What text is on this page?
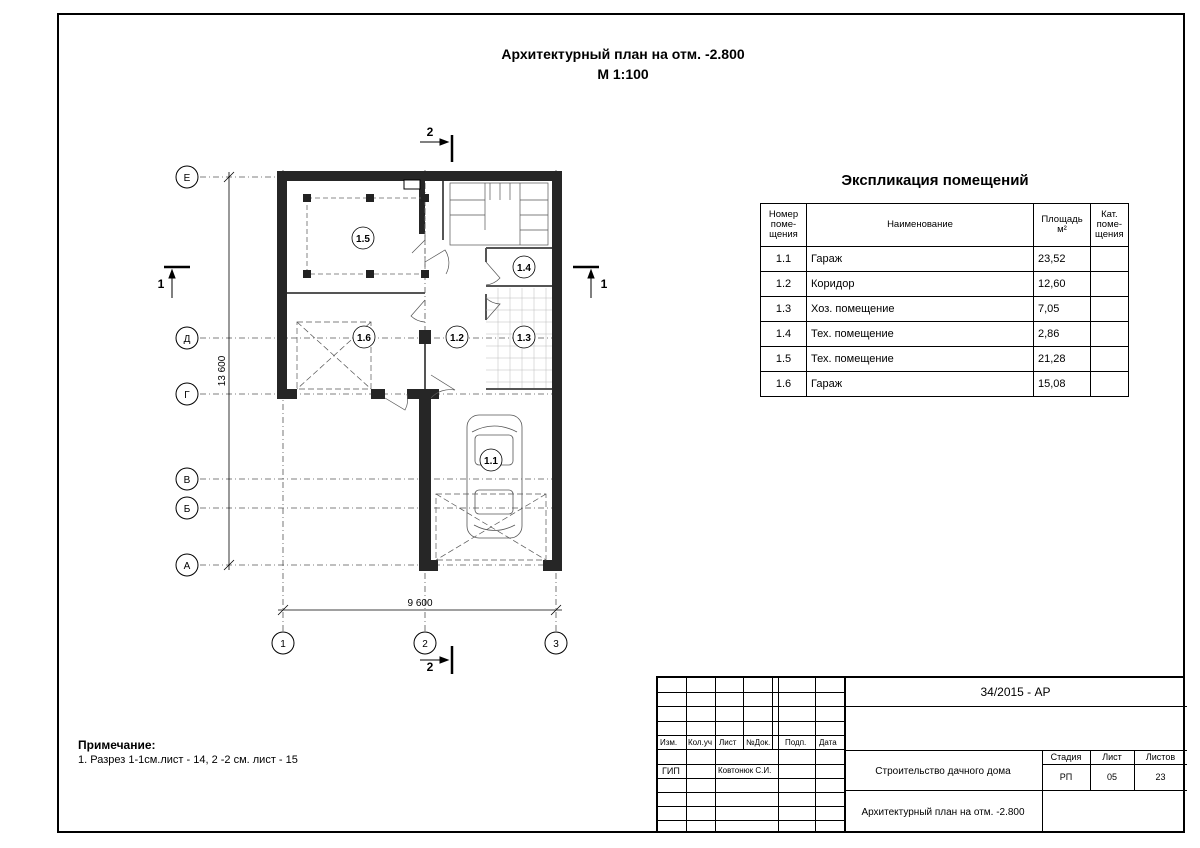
Архитектурный план на отм. -2.800
М 1:100
13 600
9 600
Е
Д
Г
В
Б
А
1	2	3
2
2
1	1
1.5
1.4
1.6	1.2	1.3
1.1
Экспликация помещений
Номер поме- щения	Наименование	Площадь м²	Кат. поме- щения
1.1	Гараж	23,52	
1.2	Коридор	12,60	
1.3	Хоз. помещение	7,05	
1.4	Тех. помещение	2,86	
1.5	Тех. помещение	21,28	
1.6	Гараж	15,08	
Примечание:
1. Разрез 1-1см.лист - 14, 2 -2 см. лист - 15
34/2015 - АР
Изм. Кол.уч Лист №Док. Подп. Дата
ГИП	Ковтонюк С.И.	Строительство дачного дома
Архитектурный план на отм. -2.800
Стадия	Лист	Листов
РП	05	23
